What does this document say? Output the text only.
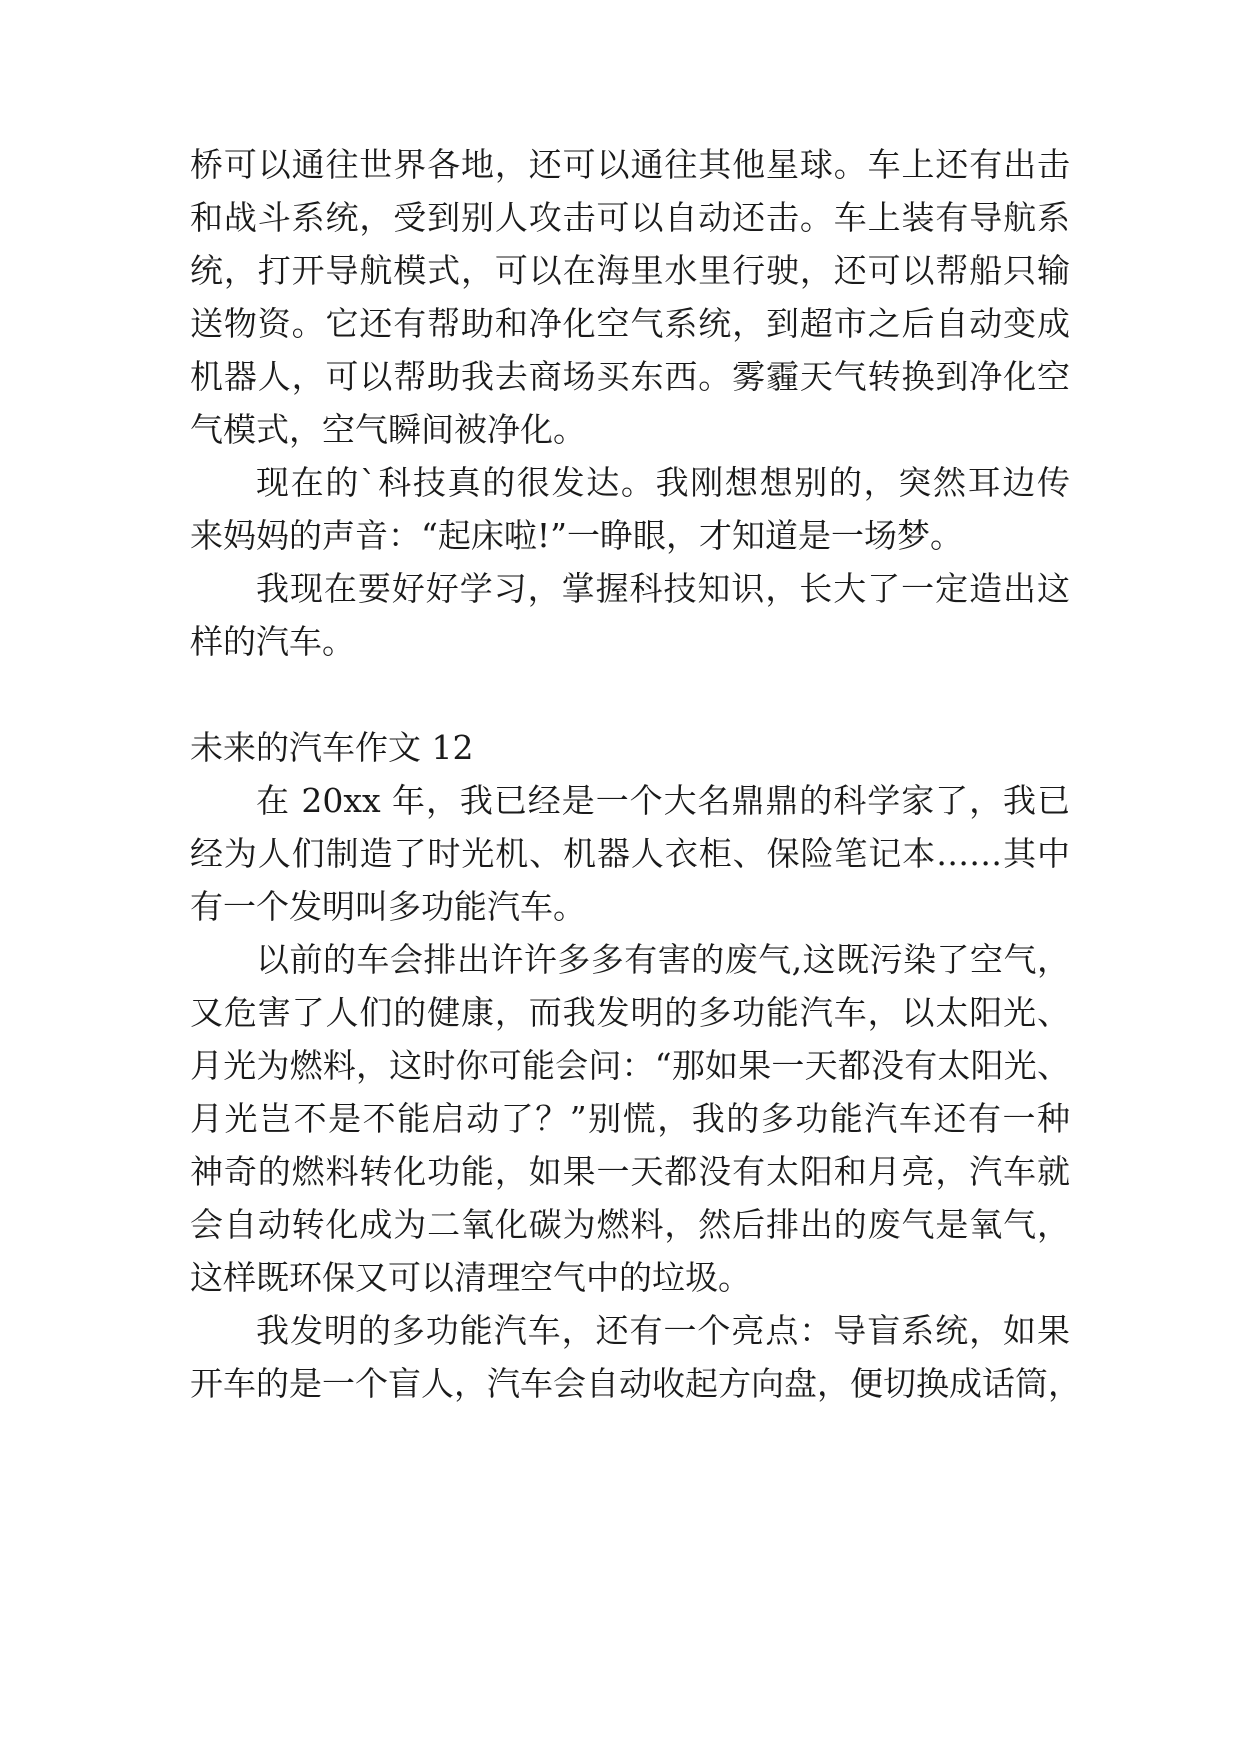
桥可以通往世界各地，还可以通往其他星球。车上还有出击
和战斗系统，受到别人攻击可以自动还击。车上装有导航系
统，打开导航模式，可以在海里水里行驶，还可以帮船只输
送物资。它还有帮助和净化空气系统，到超市之后自动变成
机器人，可以帮助我去商场买东西。雾霾天气转换到净化空
气模式，空气瞬间被净化。
现在的`科技真的很发达。我刚想想别的，突然耳边传
来妈妈的声音：“起床啦!”一睁眼，才知道是一场梦。
我现在要好好学习，掌握科技知识，长大了一定造出这
样的汽车。
未来的汽车作文 12
在 20xx 年，我已经是一个大名鼎鼎的科学家了，我已
经为人们制造了时光机、机器人衣柜、保险笔记本……其中
有一个发明叫多功能汽车。
以前的车会排出许许多多有害的废气,这既污染了空气，
又危害了人们的健康，而我发明的多功能汽车，以太阳光、
月光为燃料，这时你可能会问：“那如果一天都没有太阳光、
月光岂不是不能启动了？”别慌，我的多功能汽车还有一种
神奇的燃料转化功能，如果一天都没有太阳和月亮，汽车就
会自动转化成为二氧化碳为燃料，然后排出的废气是氧气，
这样既环保又可以清理空气中的垃圾。
我发明的多功能汽车，还有一个亮点：导盲系统，如果
开车的是一个盲人，汽车会自动收起方向盘，便切换成话筒，
